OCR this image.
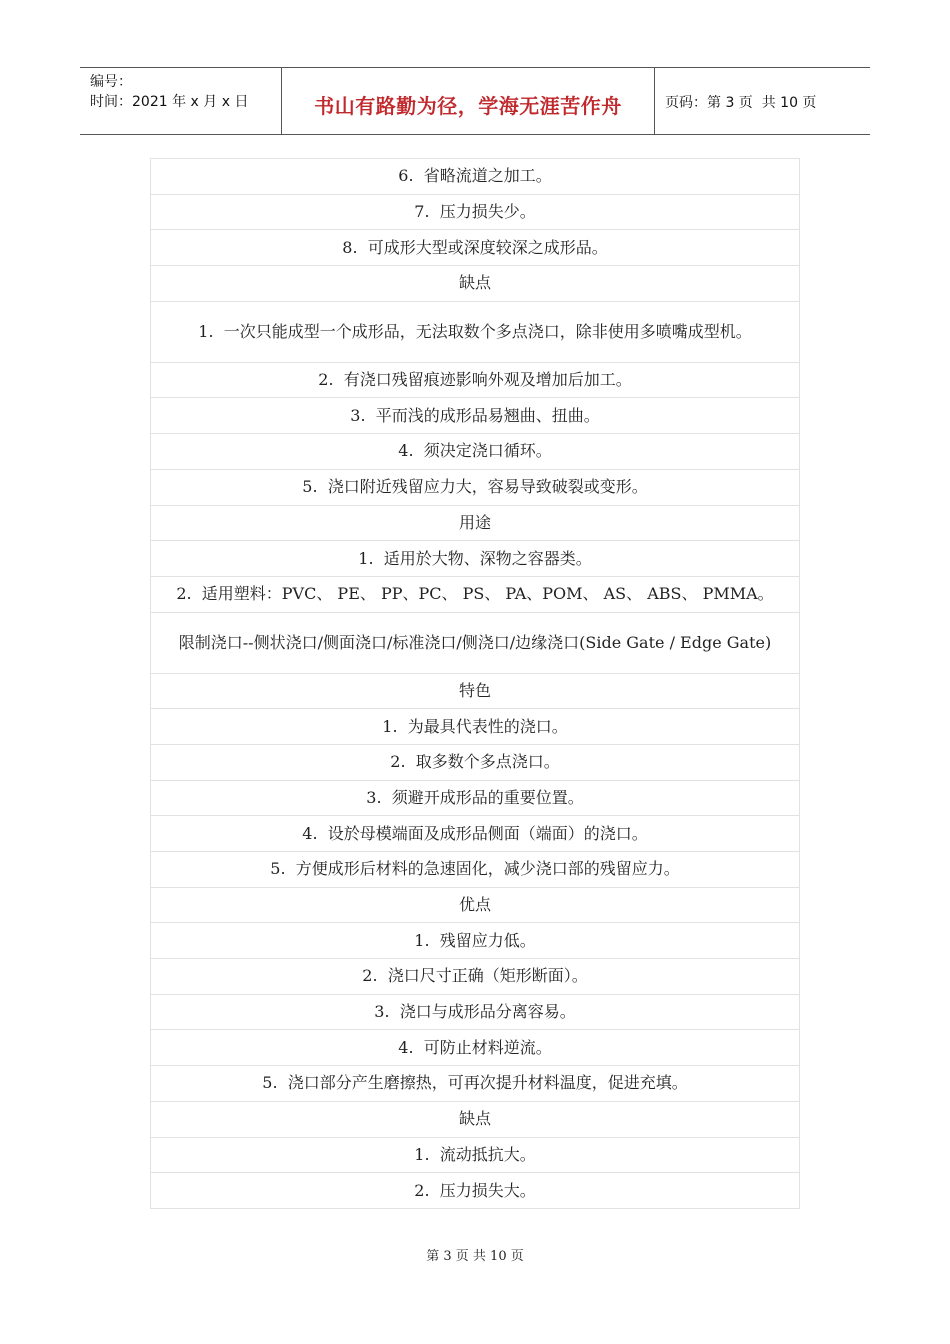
编号：
时间：2021 年 x 月 x 日	书山有路勤为径，学海无涯苦作舟	页码：第 3 页  共 10 页
6.  省略流道之加工。
7.  压力损失少。
8.  可成形大型或深度较深之成形品。
缺点
1.  一次只能成型一个成形品，无法取数个多点浇口，除非使用多喷嘴成型机。
2.  有浇口残留痕迹影响外观及增加后加工。
3.  平而浅的成形品易翘曲、扭曲。
4.  须决定浇口循环。
5.  浇口附近残留应力大，容易导致破裂或变形。
用途
1.  适用於大物、深物之容器类。
2.  适用塑料：PVC、 PE、 PP、PC、 PS、 PA、POM、 AS、 ABS、 PMMA。
限制浇口--侧状浇口/侧面浇口/标准浇口/侧浇口/边缘浇口(Side Gate / Edge Gate)
特色
1.  为最具代表性的浇口。
2.  取多数个多点浇口。
3.  须避开成形品的重要位置。
4.  设於母模端面及成形品侧面（端面）的浇口。
5.  方便成形后材料的急速固化，减少浇口部的残留应力。
优点
1.  残留应力低。
2.  浇口尺寸正确（矩形断面）。
3.  浇口与成形品分离容易。
4.  可防止材料逆流。
5.  浇口部分产生磨擦热，可再次提升材料温度，促进充填。
缺点
1.  流动抵抗大。
2.  压力损失大。
第 3 页 共 10 页
